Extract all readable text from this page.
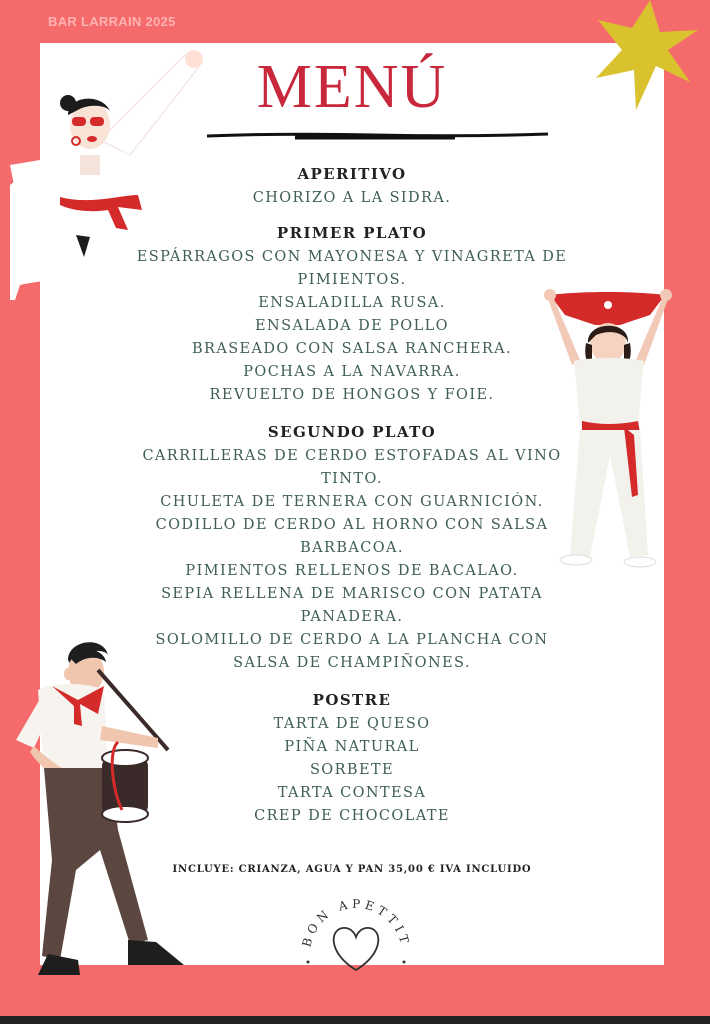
BAR LARRAIN 2025
MENÚ
APERITIVO
CHORIZO A LA SIDRA.
PRIMER PLATO
ESPÁRRAGOS CON MAYONESA Y VINAGRETA DE PIMIENTOS.
ENSALADILLA RUSA.
ENSALADA DE POLLO
BRASEADO CON SALSA RANCHERA.
POCHAS A LA NAVARRA.
REVUELTO DE HONGOS Y FOIE.
SEGUNDO PLATO
CARRILLERAS DE CERDO ESTOFADAS AL VINO TINTO.
CHULETA DE TERNERA CON GUARNICIÓN.
CODILLO DE CERDO AL HORNO CON SALSA BARBACOA.
PIMIENTOS RELLENOS DE BACALAO.
SEPIA RELLENA DE MARISCO CON PATATA PANADERA.
SOLOMILLO DE CERDO A LA PLANCHA CON SALSA DE CHAMPIÑONES.
POSTRE
TARTA DE QUESO
PIÑA NATURAL
SORBETE
TARTA CONTESA
CREP DE CHOCOLATE
INCLUYE: CRIANZA, AGUA Y PAN 35,00 € IVA INCLUIDO
BON APETTIT
